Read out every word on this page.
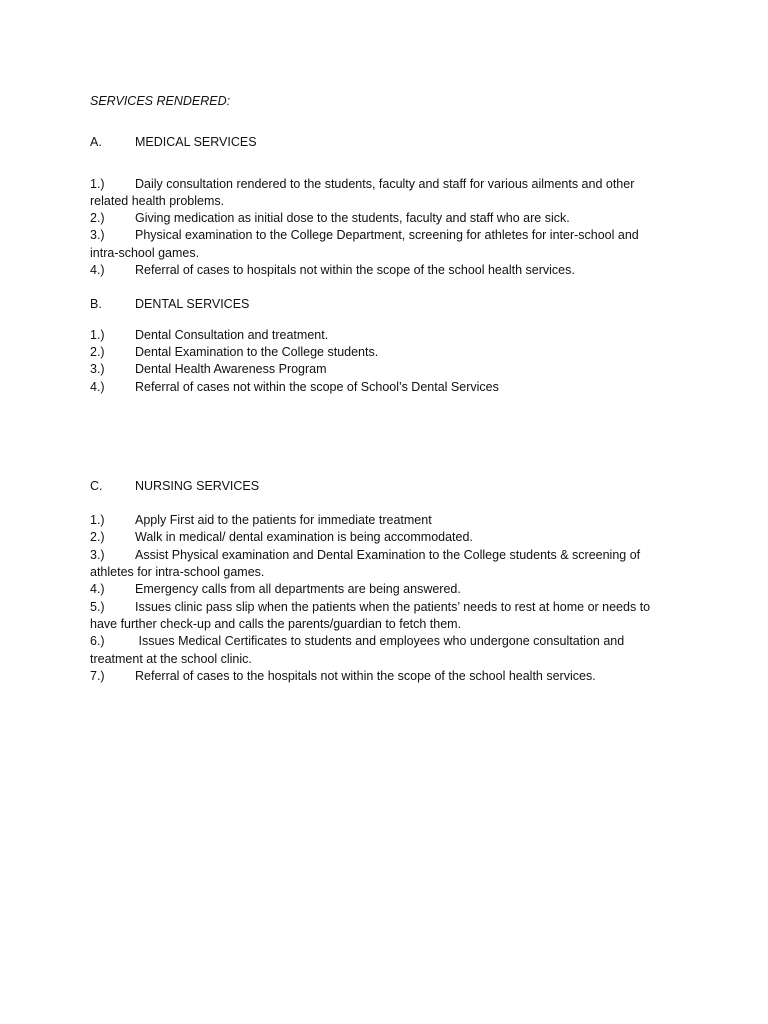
SERVICES RENDERED:

A.	MEDICAL SERVICES

1.) Daily consultation rendered to the students, faculty and staff for various ailments and other related health problems.

2.) Giving medication as initial dose to the students, faculty and staff who are sick.

3.) Physical examination to the College Department, screening for athletes for inter-school and intra-school games.

4.) Referral of cases to hospitals not within the scope of the school health services.

B.	DENTAL SERVICES

1.) Dental Consultation and treatment.

2.) Dental Examination to the College students.

3.) Dental Health Awareness Program

4.) Referral of cases not within the scope of School’s Dental Services

C.	NURSING SERVICES

1.) Apply First aid to the patients for immediate treatment

2.) Walk in medical/ dental examination is being accommodated.

3.) Assist Physical examination and Dental Examination to the College students & screening of athletes for intra-school games.

4.) Emergency calls from all departments are being answered.

5.) Issues clinic pass slip when the patients when the patients’ needs to rest at home or needs to have further check-up and calls the parents/guardian to fetch them.

6.) Issues Medical Certificates to students and employees who undergone consultation and treatment at the school clinic.

7.) Referral of cases to the hospitals not within the scope of the school health services.
